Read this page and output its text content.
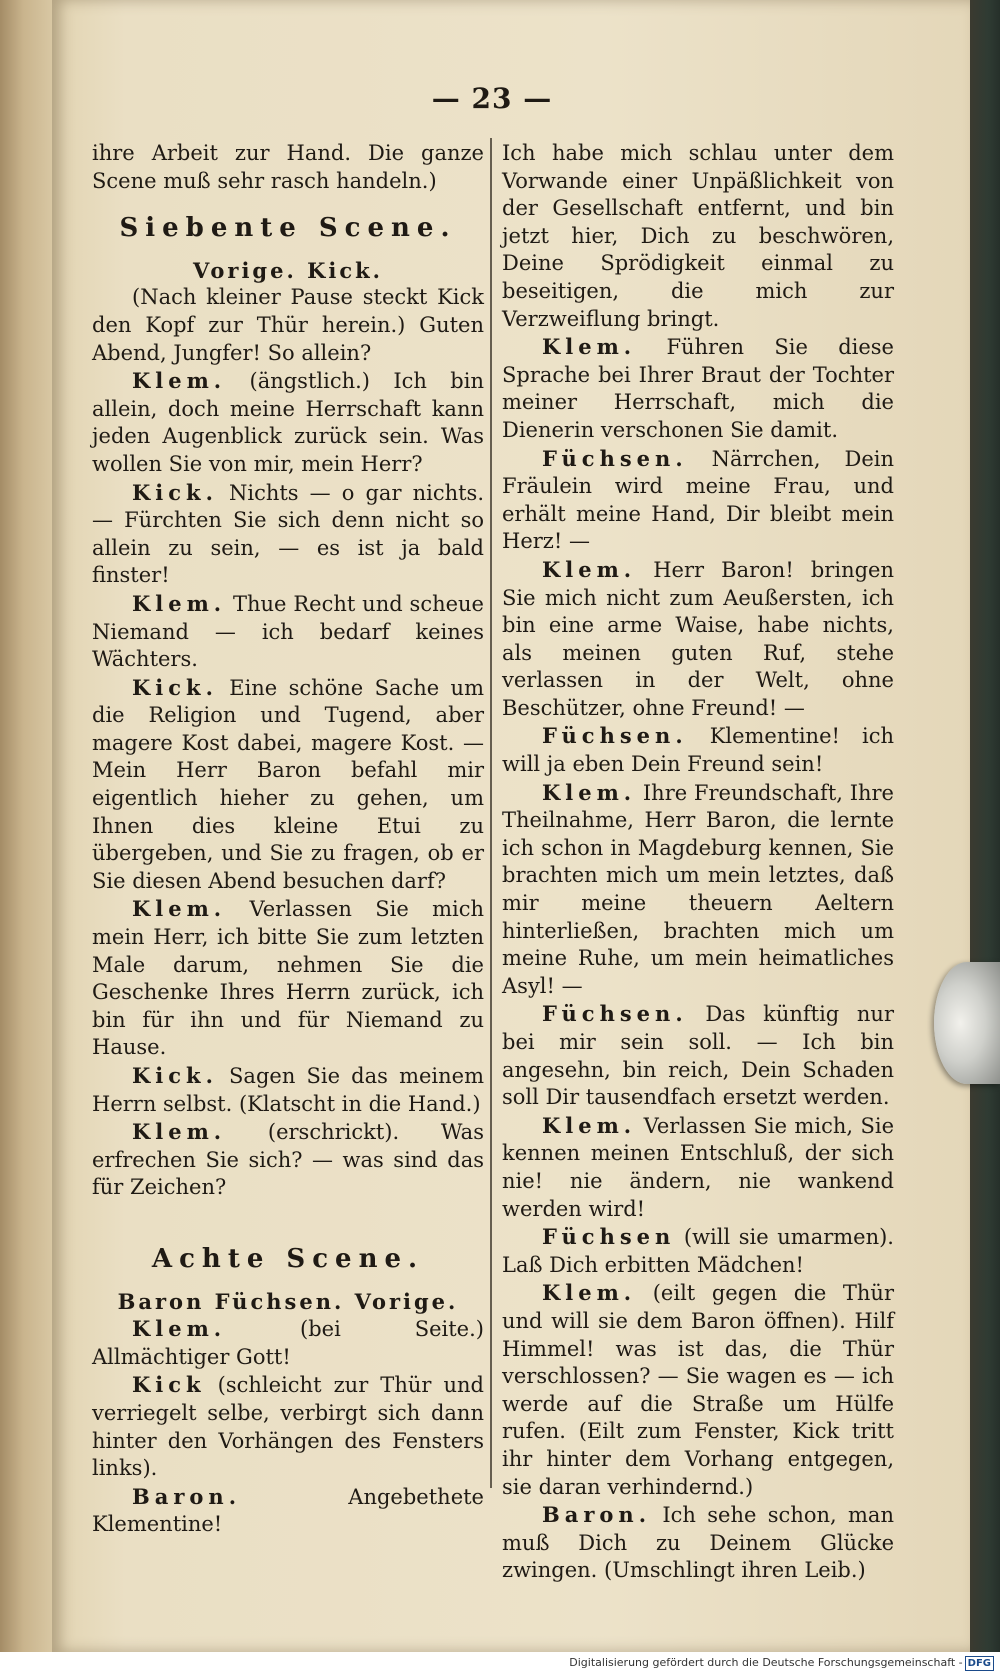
— 23 —

ihre Arbeit zur Hand. Die ganze Scene muß sehr rasch handeln.)

Siebente Scene.
Vorige. Kick.

(Nach kleiner Pause steckt Kick den Kopf zur Thür herein.) Guten Abend, Jungfer! So allein?

Klem. (ängstlich.) Ich bin allein, doch meine Herrschaft kann jeden Augenblick zurück sein. Was wollen Sie von mir, mein Herr?

Kick. Nichts — o gar nichts. — Fürchten Sie sich denn nicht so allein zu sein, — es ist ja bald finster!

Klem. Thue Recht und scheue Niemand — ich bedarf keines Wächters.

Kick. Eine schöne Sache um die Religion und Tugend, aber magere Kost dabei, magere Kost. — Mein Herr Baron befahl mir eigentlich hieher zu gehen, um Ihnen dies kleine Etui zu übergeben, und Sie zu fragen, ob er Sie diesen Abend besuchen darf?

Klem. Verlassen Sie mich mein Herr, ich bitte Sie zum letzten Male darum, nehmen Sie die Geschenke Ihres Herrn zurück, ich bin für ihn und für Niemand zu Hause.

Kick. Sagen Sie das meinem Herrn selbst. (Klatscht in die Hand.)

Klem. (erschrickt). Was erfrechen Sie sich? — was sind das für Zeichen?

Achte Scene.
Baron Füchsen. Vorige.

Klem.	(bei Seite.) Allmächtiger Gott!

Kick (schleicht zur Thür und verriegelt selbe, verbirgt sich dann hinter den Vorhängen des Fensters links).

Baron.	Angebethete Klementine!

Ich habe mich schlau unter dem Vorwande einer Unpäßlichkeit von der Gesellschaft entfernt, und bin jetzt hier, Dich zu beschwören, Deine Sprödigkeit einmal zu beseitigen, die mich zur Verzweiflung bringt.

Klem. Führen Sie diese Sprache bei Ihrer Braut der Tochter meiner Herrschaft, mich die Dienerin verschonen Sie damit.

Füchsen. Närrchen, Dein Fräulein wird meine Frau, und erhält meine Hand, Dir bleibt mein Herz! —

Klem. Herr Baron! bringen Sie mich nicht zum Aeußersten, ich bin eine arme Waise, habe nichts, als meinen guten Ruf, stehe verlassen in der Welt, ohne Beschützer, ohne Freund! —

Füchsen. Klementine! ich will ja eben Dein Freund sein!

Klem. Ihre Freundschaft, Ihre Theilnahme, Herr Baron, die lernte ich schon in Magdeburg kennen, Sie brachten mich um mein letztes, daß mir meine theuern Aeltern hinterließen, brachten mich um meine Ruhe, um mein heimatliches Asyl! —

Füchsen. Das künftig nur bei mir sein soll. — Ich bin angesehn, bin reich, Dein Schaden soll Dir tausendfach ersetzt werden.

Klem. Verlassen Sie mich, Sie kennen meinen Entschluß, der sich nie! nie ändern, nie wankend werden wird!

Füchsen (will sie umarmen). Laß Dich erbitten Mädchen!

Klem. (eilt gegen die Thür und will sie dem Baron öffnen). Hilf Himmel! was ist das, die Thür verschlossen? — Sie wagen es — ich werde auf die Straße um Hülfe rufen. (Eilt zum Fenster, Kick tritt ihr hinter dem Vorhang entgegen, sie daran verhindernd.)

Baron. Ich sehe schon, man muß Dich zu Deinem Glücke zwingen. (Umschlingt ihren Leib.)

Digitalisierung gefördert durch die Deutsche Forschungsgemeinschaft - DFG
